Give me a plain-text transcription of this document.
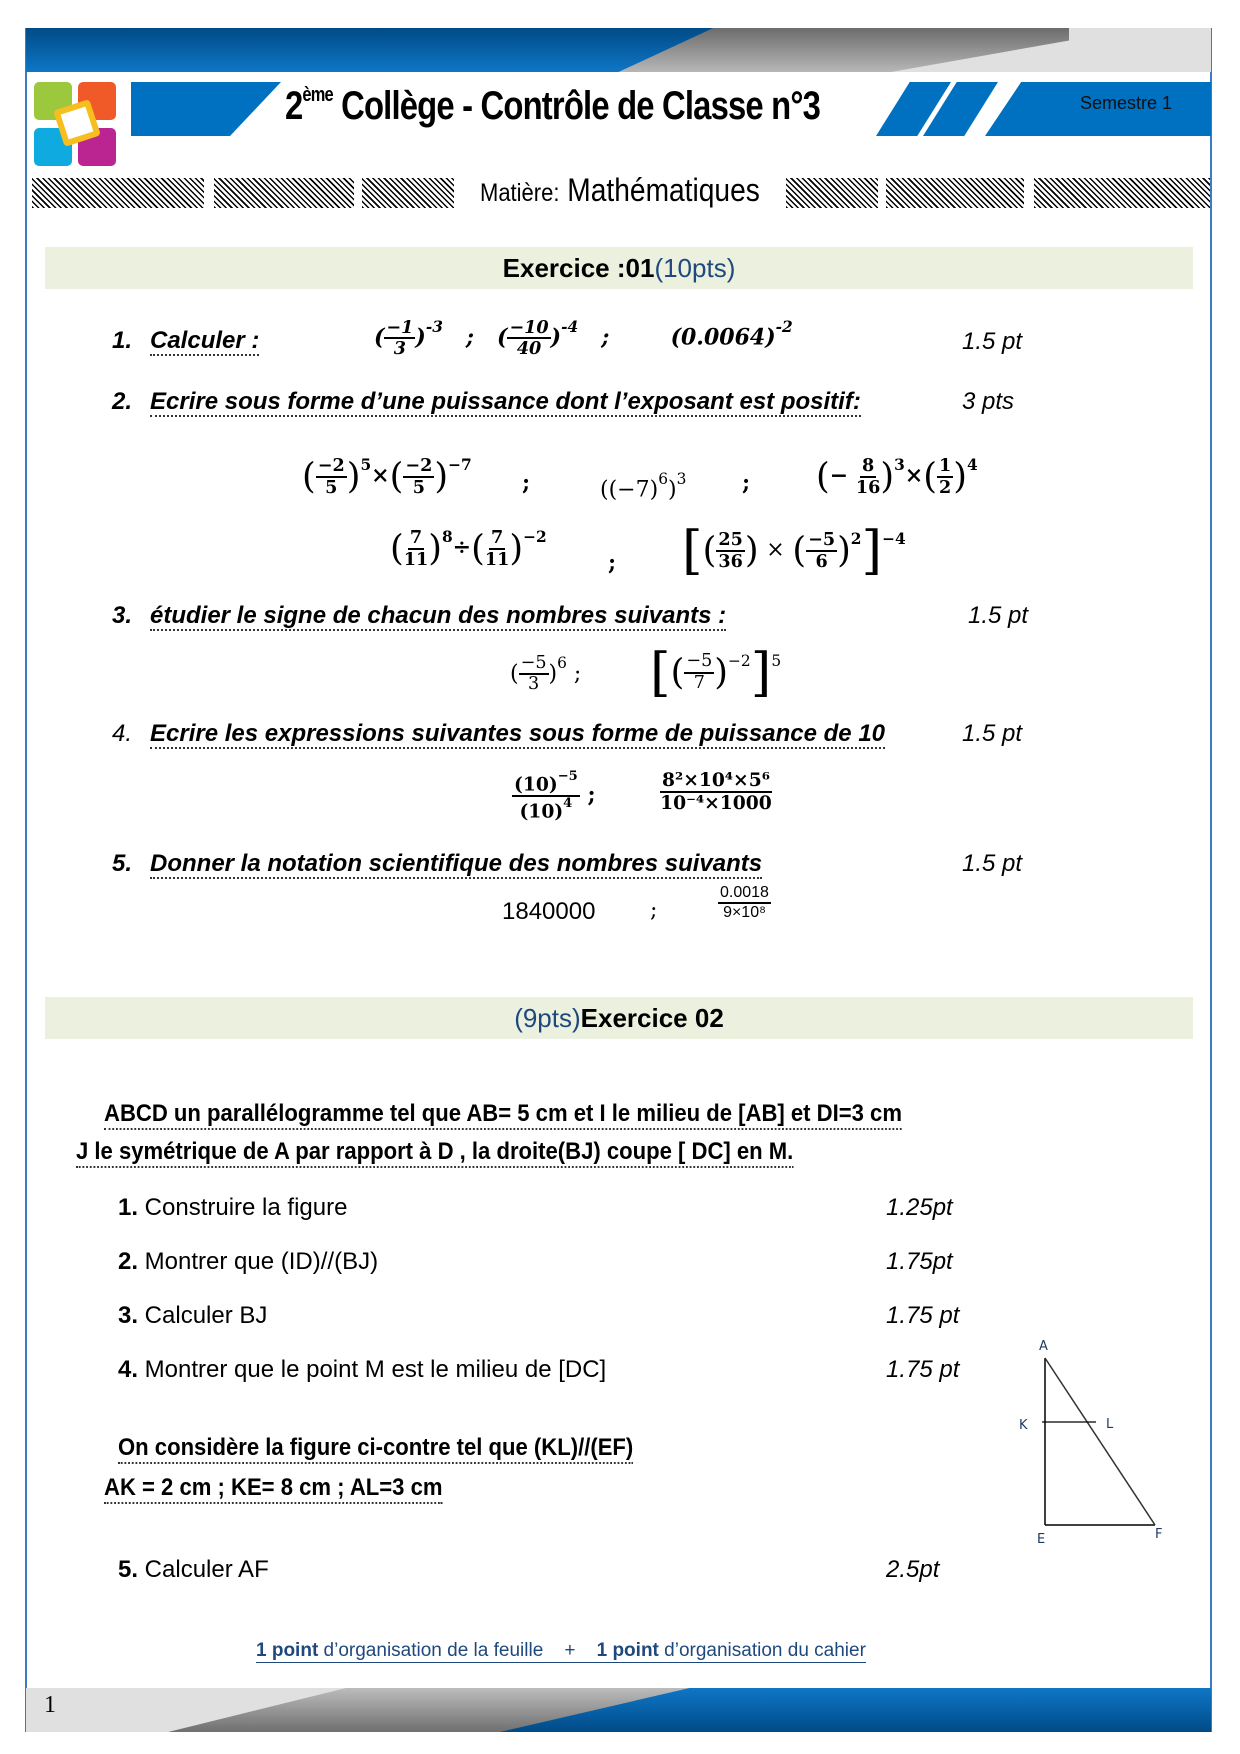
2ème Collège - Contrôle de Classe n°3	Semestre 1
Matière: Mathématiques
Exercice :01(10pts)
1. Calculer :	( $\frac{-1}{3} )^{-3}$ ;   ( $\frac{-10}{40} )^{-4}$ ;	$(0.0064)^{-2}$
1.5 pt
2. Ecrire sous forme d’une puissance dont l’exposant est positif:	3 pts
( $\frac{-2}{5} )^5\times( \frac{-2}{5} )^{-7}$
;	$((-7)^6)^3$	; (− $\frac{8}{16} )^3\times( \frac{1}{2} )^4$
( $\frac{7}{11} )^8\div( \frac{7}{11} )^{-2}$
; [( $\frac{25}{36}$ ) × ( $\frac{-5}{6} )^2]^{-4}$
3. étudier le signe de chacun des nombres suivants :	1.5 pt
( $\frac{-5}{3} )^6$ ; [( $\frac{-5}{7} )^{-2}]^5$
4. Ecrire les expressions suivantes sous forme de puissance de 10	1.5 pt
$\frac{(10)^{-5}}{(10)^4}$ ;	$\frac{\text{8²×10⁴×5⁶}}{\text{10⁻⁴×1000}}$
5. Donner la notation scientifique des nombres suivants	1.5 pt
1840000 ;	$\frac{0.0018}{\text{9×10⁸}}$
(9pts)Exercice 02
ABCD un parallélogramme tel que AB= 5 cm et I le milieu de [AB] et DI=3 cm
J le symétrique de A par rapport à D , la droite(BJ) coupe [ DC] en M.
1. Construire la figure	1.25pt
2. Montrer que (ID)//(BJ)	1.75pt
3. Calculer BJ	1.75 pt
4. Montrer que le point M est le milieu de [DC]	1.75 pt
On considère la figure ci-contre tel que (KL)//(EF)
AK = 2 cm ; KE= 8 cm ; AL=3 cm
5. Calculer AF	2.5pt
A
K	L
E	F
1 point d’organisation de la feuille    +    1 point d’organisation du cahier
1
